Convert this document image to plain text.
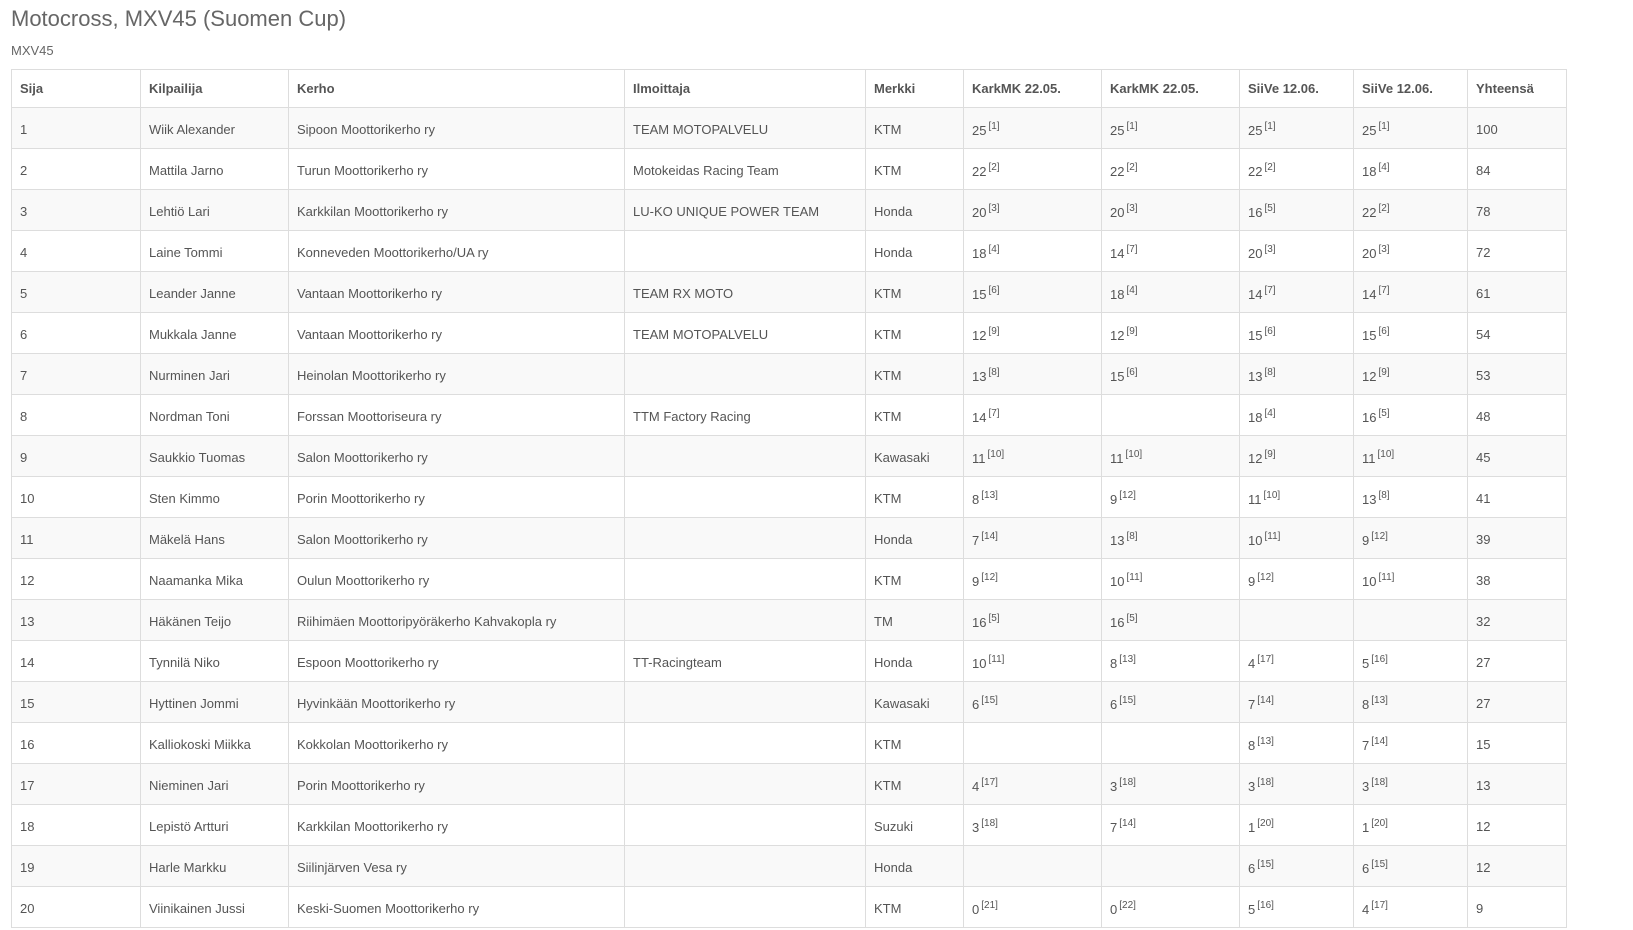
Motocross, MXV45 (Suomen Cup)
MXV45
Sija	Kilpailija	Kerho	Ilmoittaja	Merkki	KarkMK 22.05.	KarkMK 22.05.	SiiVe 12.06.	SiiVe 12.06.	Yhteensä
1	Wiik Alexander	Sipoon Moottorikerho ry	TEAM MOTOPALVELU	KTM	25 [1]	25 [1]	25 [1]	25 [1]	100
2	Mattila Jarno	Turun Moottorikerho ry	Motokeidas Racing Team	KTM	22 [2]	22 [2]	22 [2]	18 [4]	84
3	Lehtiö Lari	Karkkilan Moottorikerho ry	LU-KO UNIQUE POWER TEAM	Honda	20 [3]	20 [3]	16 [5]	22 [2]	78
4	Laine Tommi	Konneveden Moottorikerho/UA ry		Honda	18 [4]	14 [7]	20 [3]	20 [3]	72
5	Leander Janne	Vantaan Moottorikerho ry	TEAM RX MOTO	KTM	15 [6]	18 [4]	14 [7]	14 [7]	61
6	Mukkala Janne	Vantaan Moottorikerho ry	TEAM MOTOPALVELU	KTM	12 [9]	12 [9]	15 [6]	15 [6]	54
7	Nurminen Jari	Heinolan Moottorikerho ry		KTM	13 [8]	15 [6]	13 [8]	12 [9]	53
8	Nordman Toni	Forssan Moottoriseura ry	TTM Factory Racing	KTM	14 [7]		18 [4]	16 [5]	48
9	Saukkio Tuomas	Salon Moottorikerho ry		Kawasaki	11 [10]	11 [10]	12 [9]	11 [10]	45
10	Sten Kimmo	Porin Moottorikerho ry		KTM	8 [13]	9 [12]	11 [10]	13 [8]	41
11	Mäkelä Hans	Salon Moottorikerho ry		Honda	7 [14]	13 [8]	10 [11]	9 [12]	39
12	Naamanka Mika	Oulun Moottorikerho ry		KTM	9 [12]	10 [11]	9 [12]	10 [11]	38
13	Häkänen Teijo	Riihimäen Moottoripyöräkerho Kahvakopla ry		TM	16 [5]	16 [5]			32
14	Tynnilä Niko	Espoon Moottorikerho ry	TT-Racingteam	Honda	10 [11]	8 [13]	4 [17]	5 [16]	27
15	Hyttinen Jommi	Hyvinkään Moottorikerho ry		Kawasaki	6 [15]	6 [15]	7 [14]	8 [13]	27
16	Kalliokoski Miikka	Kokkolan Moottorikerho ry		KTM			8 [13]	7 [14]	15
17	Nieminen Jari	Porin Moottorikerho ry		KTM	4 [17]	3 [18]	3 [18]	3 [18]	13
18	Lepistö Artturi	Karkkilan Moottorikerho ry		Suzuki	3 [18]	7 [14]	1 [20]	1 [20]	12
19	Harle Markku	Siilinjärven Vesa ry		Honda			6 [15]	6 [15]	12
20	Viinikainen Jussi	Keski-Suomen Moottorikerho ry		KTM	0 [21]	0 [22]	5 [16]	4 [17]	9
